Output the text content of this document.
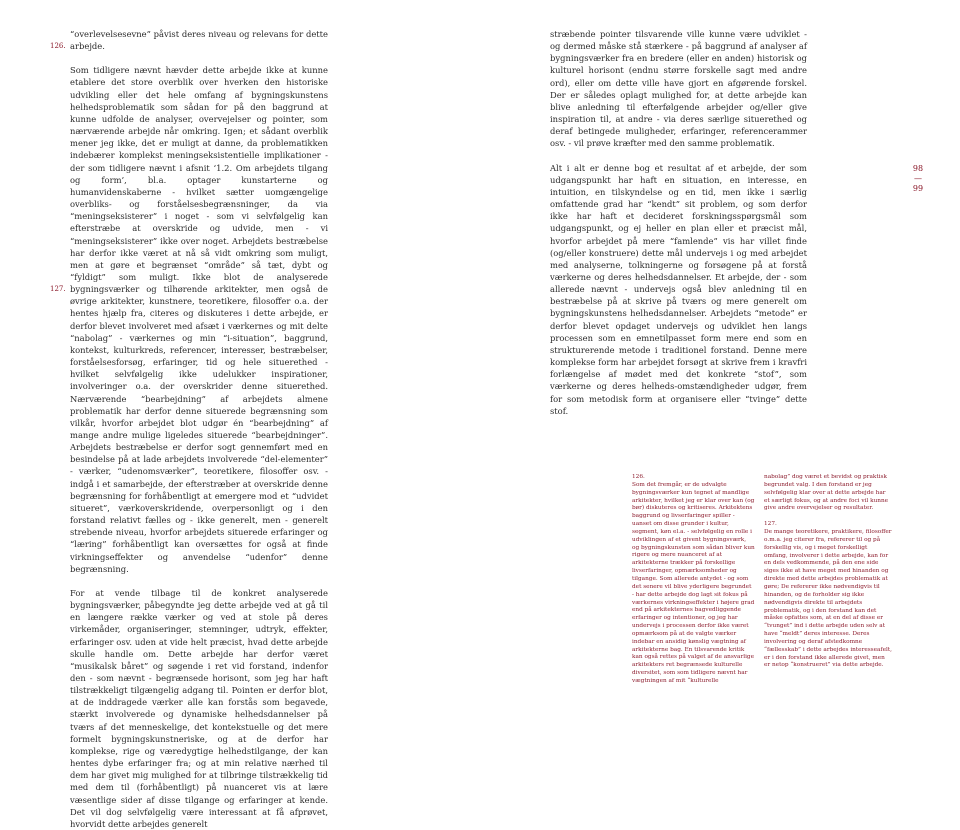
“overlevelsesevne” påvist deres niveau og relevans for dette arbejde.

Som tidligere nævnt hævder dette arbejde ikke at kunne etablere det store overblik over hverken den historiske udvikling eller det hele omfang af bygningskunstens helhedsproblematik som sådan for på den baggrund at kunne udfolde de analyser, overvejelser og pointer, som nærværende arbejde når omkring. Igen; et sådant overblik mener jeg ikke, det er muligt at danne, da problematikken indebærer komplekst meningseksistentielle implikationer - der som tidligere nævnt i afsnit ‘1.2. Om arbejdets tilgang og form’, bl.a. optager kunstarterne og humanvidenskaberne - hvilket sætter uomgængelige overbliks- og forståelsesbegrænsninger, da via “meningseksisterer” i noget - som vi selvfølgelig kan efterstræbe at overskride og udvide, men - vi “meningseksisterer” ikke over noget. Arbejdets bestræbelse har derfor ikke været at nå så vidt omkring som muligt, men at gøre et begrænset “område” så tæt, dybt og “fyldigt” som muligt. Ikke blot de analyserede bygningsværker og tilhørende arkitekter, men også de øvrige arkitekter, kunstnere, teoretikere, filosoffer o.a. der hentes hjælp fra, citeres og diskuteres i dette arbejde, er derfor blevet involveret med afsæt i værkernes og mit delte “nabolag” - værkernes og min “i-situation”, baggrund, kontekst, kulturkreds, referencer, interesser, bestræbelser, forståelsesforsøg, erfaringer, tid og hele situerethed - hvilket selvfølgelig ikke udelukker inspirationer, involveringer o.a. der overskrider denne situerethed. Nærværende “bearbejdning” af arbejdets almene problematik har derfor denne situerede begrænsning som vilkår, hvorfor arbejdet blot udgør én “bearbejdning” af mange andre mulige ligeledes situerede “bearbejdninger”. Arbejdets bestræbelse er derfor sogt gennemført med en besindelse på at lade arbejdets involverede “del-elementer” - værker, “udenomsværker”, teoretikere, filosoffer osv. - indgå i et samarbejde, der efterstræber at overskride denne begrænsning for forhåbentligt at emergere mod et “udvidet situeret”, værkoverskridende, overpersonligt og i den forstand relativt fælles og - ikke generelt, men - generelt strebende niveau, hvorfor arbejdets situerede erfaringer og “læring” forhåbentligt kan oversættes for også at finde virkningseffekter og anvendelse “udenfor” denne begrænsning.

For at vende tilbage til de konkret analyserede bygningsværker, påbegyndte jeg dette arbejde ved at gå til en længere række værker og ved at stole på deres virkemåder, organiseringer, stemninger, udtryk, effekter, erfaringer osv. uden at vide helt præcist, hvad dette arbejde skulle handle om. Dette arbejde har derfor været “musikalsk båret” og søgende i ret vid forstand, indenfor den - som nævnt - begrænsede horisont, som jeg har haft tilstrækkeligt tilgængelig adgang til. Pointen er derfor blot, at de inddragede værker alle kan forstås som begavede, stærkt involverede og dynamiske helhedsdannelser på tværs af det menneskelige, det kontekstuelle og det mere formelt bygningskunstneriske, og at de derfor har komplekse, rige og væredygtige helhedstilgange, der kan hentes dybe erfaringer fra; og at min relative nærhed til dem har givet mig mulighed for at tilbringe tilstrækkelig tid med dem til (forhåbentligt) på nuanceret vis at lære væsentlige sider af disse tilgange og erfaringer at kende. Det vil dog selvfølgelig være interessant at få afprøvet, hvorvidt dette arbejdes generelt

126.
127.

stræbende pointer tilsvarende ville kunne være udviklet - og dermed måske stå stærkere - på baggrund af analyser af bygningsværker fra en bredere (eller en anden) historisk og kulturel horisont (endnu større forskelle sagt med andre ord), eller om dette ville have gjort en afgørende forskel. Der er således oplagt mulighed for, at dette arbejde kan blive anledning til efterfølgende arbejder og/eller give inspiration til, at andre - via deres særlige situerethed og deraf betingede muligheder, erfaringer, referencerammer osv. - vil prøve kræfter med den samme problematik.

Alt i alt er denne bog et resultat af et arbejde, der som udgangspunkt har haft en situation, en interesse, en intuition, en tilskyndelse og en tid, men ikke i særlig omfattende grad har “kendt” sit problem, og som derfor ikke har haft et decideret forskningsspørgsmål som udgangspunkt, og ej heller en plan eller et præcist mål, hvorfor arbejdet på mere “famlende” vis har villet finde (og/eller konstruere) dette mål undervejs i og med arbejdet med analyserne, tolkningerne og forsøgene på at forstå værkerne og deres helhedsdannelser. Et arbejde, der - som allerede nævnt - undervejs også blev anledning til en bestræbelse på at skrive på tværs og mere generelt om bygningskunstens helhedsdannelser. Arbejdets “metode” er derfor blevet opdaget undervejs og udviklet hen langs processen som en emnetilpasset form mere end som en strukturerende metode i traditionel forstand. Denne mere komplekse form har arbejdet forsøgt at skrive frem i kravfri forlængelse af mødet med det konkrete “stof”, som værkerne og deres helheds-omstændigheder udgør, frem for som metodisk form at organisere eller “tvinge” dette stof.

98
—
99

126.
Som det fremgår, er de udvalgte bygningsværker kun tegnet af mandlige arkitekter, hvilket jeg er klar over kan (og bør) diskuteres og kritiseres. Arkitektens baggrund og livserfaringer spiller - uanset om disse grunder i kultur, segment, køn el.a. - selvfølgelig en rolle i udviklingen af et givent bygningsværk, og bygningskunsten som sådan bliver kun rigere og mere nuanceret af at arkitekterne trækker på forskellige livserfaringer, opmærksomheder og tilgange. Som allerede antydet - og som det senere vil blive yderligere begrundet - har dette arbejde dog lagt sit fokus på værkernes virkningseffekter i højere grad end på arkitekternes bagvedliggende erfaringer og intentioner, og jeg har undervejs i processen derfor ikke været opmærksom på at de valgte værker indebar en ansidig kønslig vægtning af arkitekterne bag. En tilsvarende kritik kan også rettes på valget af de ansvarlige arkitekters ret begrænsede kulturelle diversitet, som som tidligere nævnt har vægtningen af mit “kulturelle

nabolag” dog været et bevidst og praktisk begrundet valg. I den forstand er jeg selvfølgelig klar over at dette arbejde har et særligt fokus, og at andre foci vil kunne give andre overvejelser og resultater.

127.
De mange teoretikere, praktikere, filosoffer o.m.a. jeg citerer fra, refererer til og på forskellig vis, og i meget forskelligt omfang, involverer i dette arbejde, kan for en dels vedkommende, på den ene side siges ikke at have meget med hinanden og direkte med dette arbejdes problematik at gøre; De refererer ikke nødvendigvis til hinanden, og de forholder sig ikke nødvendigvis direkte til arbejdets problematik, og i den forstand kan det måske opfattes som, at en del af disse er “tvunget” ind i dette arbejde uden selv at have “meldt” deres interesse. Deres involvering og deraf afstedkomne “fællesskab” i dette arbejdes interesseafelt, er i den forstand ikke allerede givet, men er netop “konstrueret” via dette arbejde.
